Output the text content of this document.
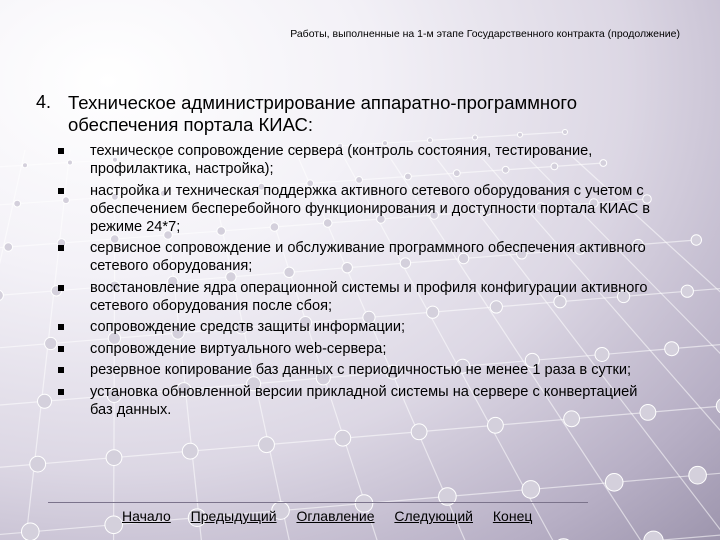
Работы, выполненные на 1-м этапе Государственного контракта (продолжение)
4. Техническое администрирование аппаратно-программного обеспечения портала КИАС:
техническое сопровождение сервера (контроль состояния, тестирование, профилактика, настройка);
настройка и техническая поддержка активного сетевого оборудования с учетом с обеспечением бесперебойного функционирования и доступности портала КИАС в режиме 24*7;
сервисное сопровождение и обслуживание программного обеспечения активного сетевого оборудования;
восстановление ядра операционной системы и профиля конфигурации активного сетевого оборудования после сбоя;
сопровождение средств защиты информации;
сопровождение виртуального web-сервера;
резервное копирование баз данных с периодичностью не менее 1 раза в сутки;
установка обновленной версии прикладной системы на сервере с конвертацией баз данных.
Начало Предыдущий Оглавление Следующий Конец
